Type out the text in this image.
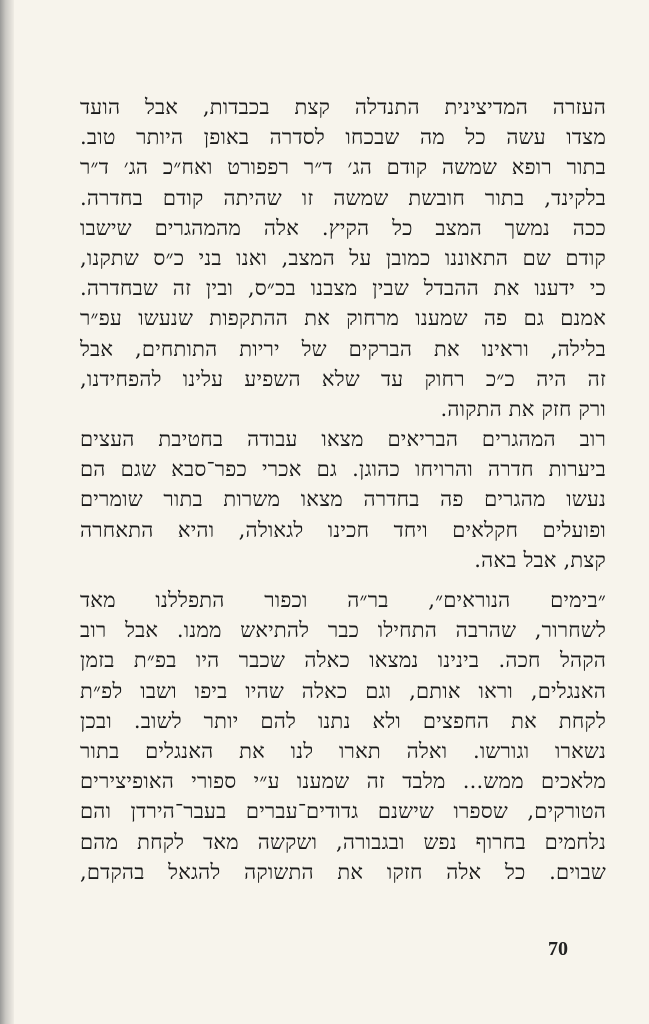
העזרה המדיצינית התנדלה קצת בכבדות, אבל הועד
מצדו עשה כל מה שבכחו לסדרה באופן היותר טוב.
בתור רופא שמשה קודם הג׳ ד״ר רפפורט ואח״כ הג׳ ד״ר
בלקינד, בתור חובשת שמשה זו שהיתה קודם בחדרה.
ככה נמשך המצב כל הקיץ. אלה מהמהגרים שישבו
קודם שם התאוננו כמובן על המצב, ואנו בני כ״ס שתקנו,
כי ידענו את ההבדל שבין מצבנו בכ״ס, ובין זה שבחדרה.
אמנם גם פה שמענו מרחוק את ההתקפות שנעשו עפ״ר
בלילה, וראינו את הברקים של יריות התותחים, אבל
זה היה כ״כ רחוק עד שלא השפיע עלינו להפחידנו,
ורק חזק את התקוה.
רוב המהגרים הבריאים מצאו עבודה בחטיבת העצים
ביערות חדרה והרויחו כהוגן. גם אכרי כפר־סבא שגם הם
נעשו מהגרים פה בחדרה מצאו משרות בתור שומרים
ופועלים חקלאים ויחד חכינו לגאולה, והיא התאחרה
קצת, אבל באה.
״בימים הנוראים״, בר״ה וכפור התפללנו מאד
לשחרור, שהרבה התחילו כבר להתיאש ממנו. אבל רוב
הקהל חכה. בינינו נמצאו כאלה שכבר היו בפ״ת בזמן
האנגלים, וראו אותם, וגם כאלה שהיו ביפו ושבו לפ״ת
לקחת את החפצים ולא נתנו להם יותר לשוב. ובכן
נשארו וגורשו. ואלה תארו לנו את האנגלים בתור
מלאכים ממש... מלבד זה שמענו ע״י ספורי האופיצירים
הטורקים, שספרו שישנם גדודים־עברים בעבר־הירדן והם
נלחמים בחרוף נפש ובגבורה, ושקשה מאד לקחת מהם
שבוים. כל אלה חזקו את התשוקה להגאל בהקדם,
70
